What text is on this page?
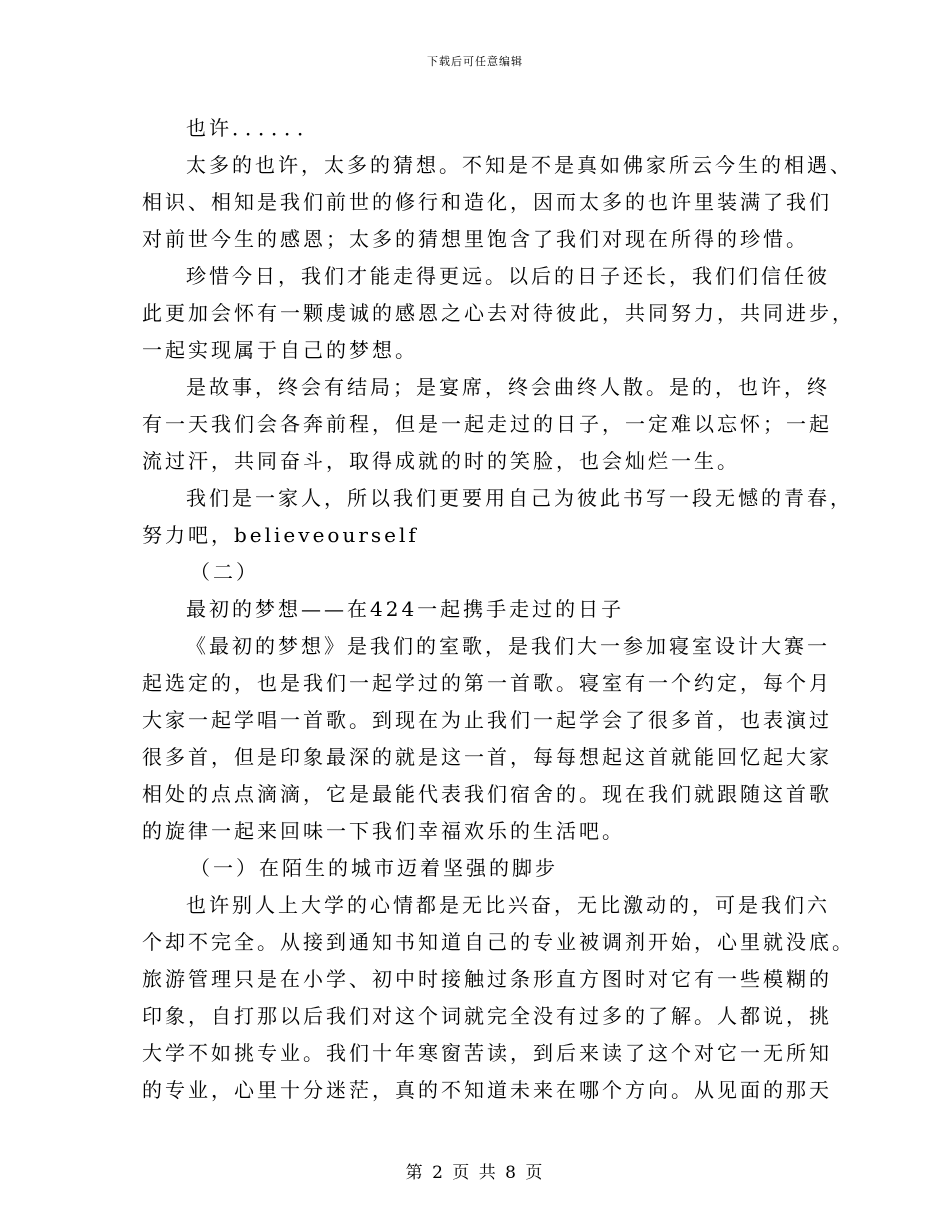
下载后可任意编辑
也许．．．．．．
太多的也许，太多的猜想。不知是不是真如佛家所云今生的相遇、
相识、相知是我们前世的修行和造化，因而太多的也许里装满了我们
对前世今生的感恩；太多的猜想里饱含了我们对现在所得的珍惜。
珍惜今日，我们才能走得更远。以后的日子还长，我们们信任彼
此更加会怀有一颗虔诚的感恩之心去对待彼此，共同努力，共同进步，
一起实现属于自己的梦想。
是故事，终会有结局；是宴席，终会曲终人散。是的，也许，终
有一天我们会各奔前程，但是一起走过的日子，一定难以忘怀；一起
流过汗，共同奋斗，取得成就的时的笑脸，也会灿烂一生。
我们是一家人，所以我们更要用自己为彼此书写一段无憾的青春，
努力吧，believeourself
（二）
最初的梦想——在424一起携手走过的日子
《最初的梦想》是我们的室歌，是我们大一参加寝室设计大赛一
起选定的，也是我们一起学过的第一首歌。寝室有一个约定，每个月
大家一起学唱一首歌。到现在为止我们一起学会了很多首，也表演过
很多首，但是印象最深的就是这一首，每每想起这首就能回忆起大家
相处的点点滴滴，它是最能代表我们宿舍的。现在我们就跟随这首歌
的旋律一起来回味一下我们幸福欢乐的生活吧。
（一）在陌生的城市迈着坚强的脚步
也许别人上大学的心情都是无比兴奋，无比激动的，可是我们六
个却不完全。从接到通知书知道自己的专业被调剂开始，心里就没底。
旅游管理只是在小学、初中时接触过条形直方图时对它有一些模糊的
印象，自打那以后我们对这个词就完全没有过多的了解。人都说，挑
大学不如挑专业。我们十年寒窗苦读，到后来读了这个对它一无所知
的专业，心里十分迷茫，真的不知道未来在哪个方向。从见面的那天
第 2 页 共 8 页
